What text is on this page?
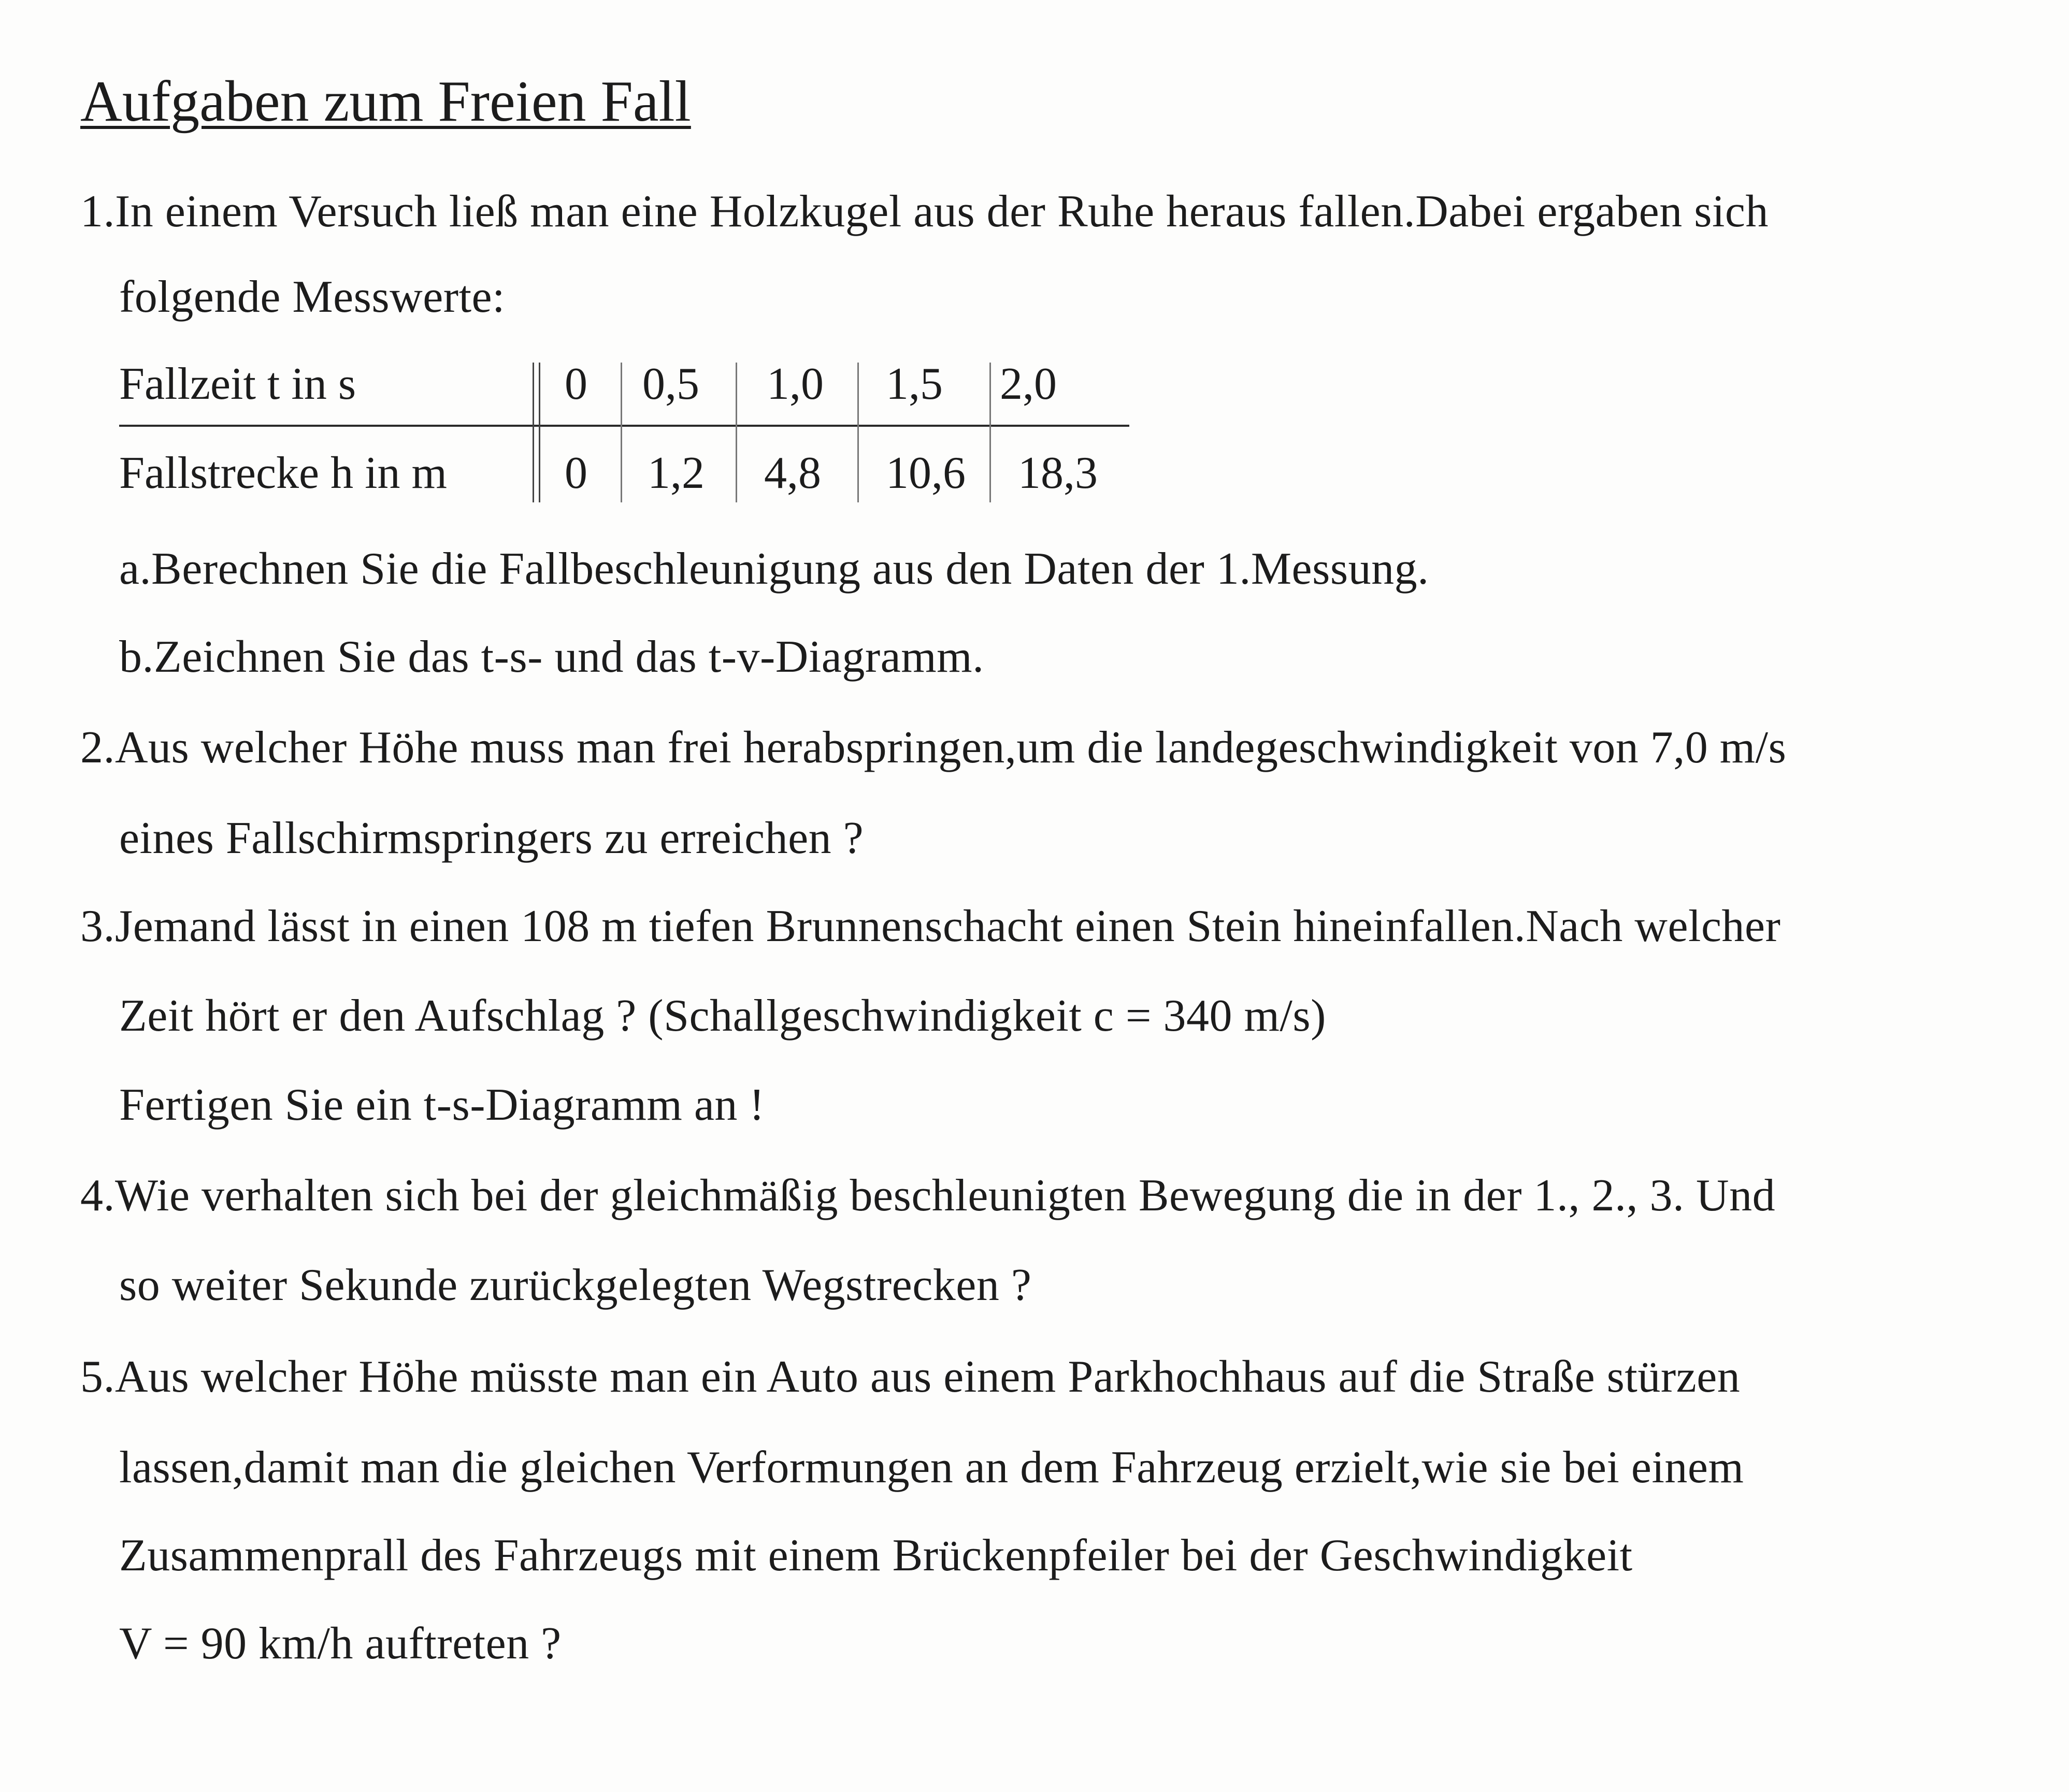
Aufgaben zum Freien Fall
1.In einem Versuch ließ man eine Holzkugel aus der Ruhe heraus fallen.Dabei ergaben sich
folgende Messwerte:
Fallzeit t in s	0 0,5 1,0 1,5 2,0
Fallstrecke h in m	0 1,2 4,8 10,6 18,3
a.Berechnen Sie die Fallbeschleunigung aus den Daten der 1.Messung.
b.Zeichnen Sie das t-s- und das t-v-Diagramm.
2.Aus welcher Höhe muss man frei herabspringen,um die landegeschwindigkeit von 7,0 m/s
eines Fallschirmspringers zu erreichen ?
3.Jemand lässt in einen 108 m tiefen Brunnenschacht einen Stein hineinfallen.Nach welcher
Zeit hört er den Aufschlag ? (Schallgeschwindigkeit c = 340 m/s)
Fertigen Sie ein t-s-Diagramm an !
4.Wie verhalten sich bei der gleichmäßig beschleunigten Bewegung die in der 1., 2., 3. Und
so weiter Sekunde zurückgelegten Wegstrecken ?
5.Aus welcher Höhe müsste man ein Auto aus einem Parkhochhaus auf die Straße stürzen
lassen,damit man die gleichen Verformungen an dem Fahrzeug erzielt,wie sie bei einem
Zusammenprall des Fahrzeugs mit einem Brückenpfeiler bei der Geschwindigkeit
V = 90 km/h auftreten ?
